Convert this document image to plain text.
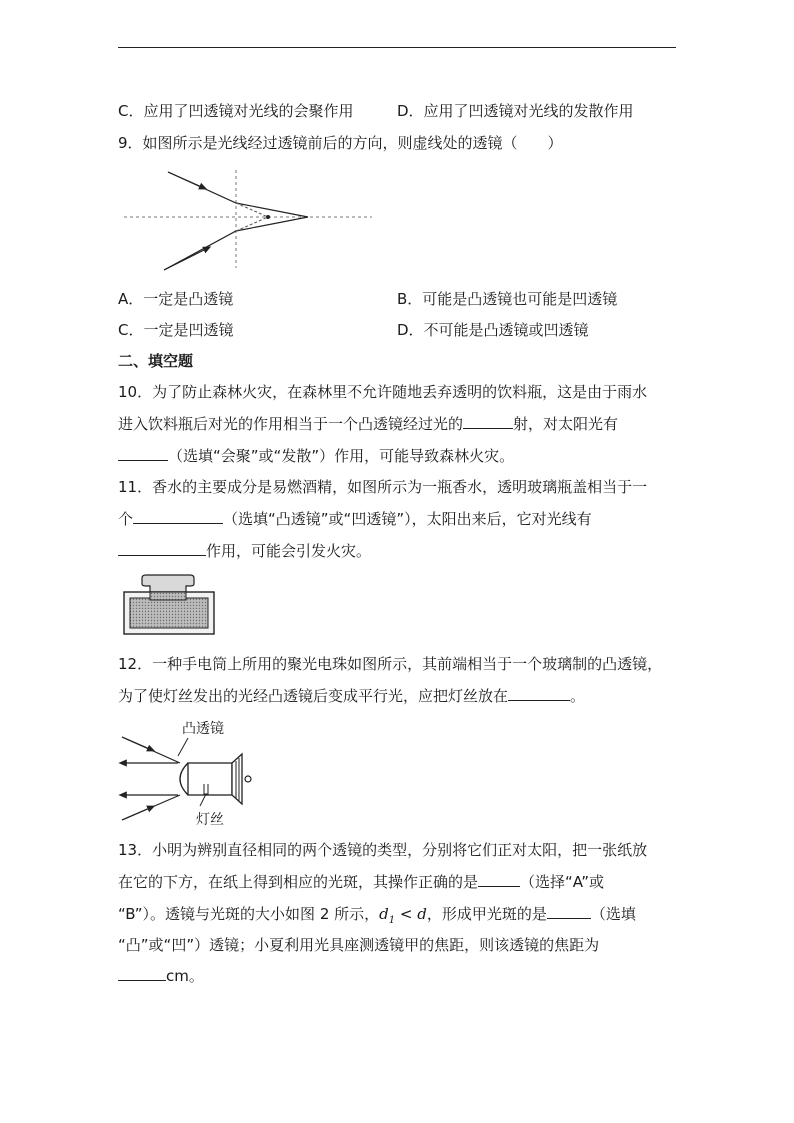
C．应用了凹透镜对光线的会聚作用	D．应用了凹透镜对光线的发散作用
9．如图所示是光线经过透镜前后的方向，则虚线处的透镜（　　）
A．一定是凸透镜	B．可能是凸透镜也可能是凹透镜
C．一定是凹透镜	D．不可能是凸透镜或凹透镜
二、填空题
10．为了防止森林火灾，在森林里不允许随地丢弃透明的饮料瓶，这是由于雨水
进入饮料瓶后对光的作用相当于一个凸透镜经过光的	射，对太阳光有
（选填“会聚”或“发散”）作用，可能导致森林火灾。
11．香水的主要成分是易燃酒精，如图所示为一瓶香水，透明玻璃瓶盖相当于一
个	（选填“凸透镜”或“凹透镜”），太阳出来后，它对光线有
作用，可能会引发火灾。
12．一种手电筒上所用的聚光电珠如图所示，其前端相当于一个玻璃制的凸透镜，
为了使灯丝发出的光经凸透镜后变成平行光，应把灯丝放在	。
凸透镜
灯丝
13．小明为辨别直径相同的两个透镜的类型，分别将它们正对太阳，把一张纸放
在它的下方，在纸上得到相应的光斑，其操作正确的是	（选择“A”或
“B”）。透镜与光斑的大小如图 2 所示，$d_1 < d$，形成甲光斑的是	（选填
“凸”或“凹”）透镜；小夏利用光具座测透镜甲的焦距，则该透镜的焦距为
cm。
